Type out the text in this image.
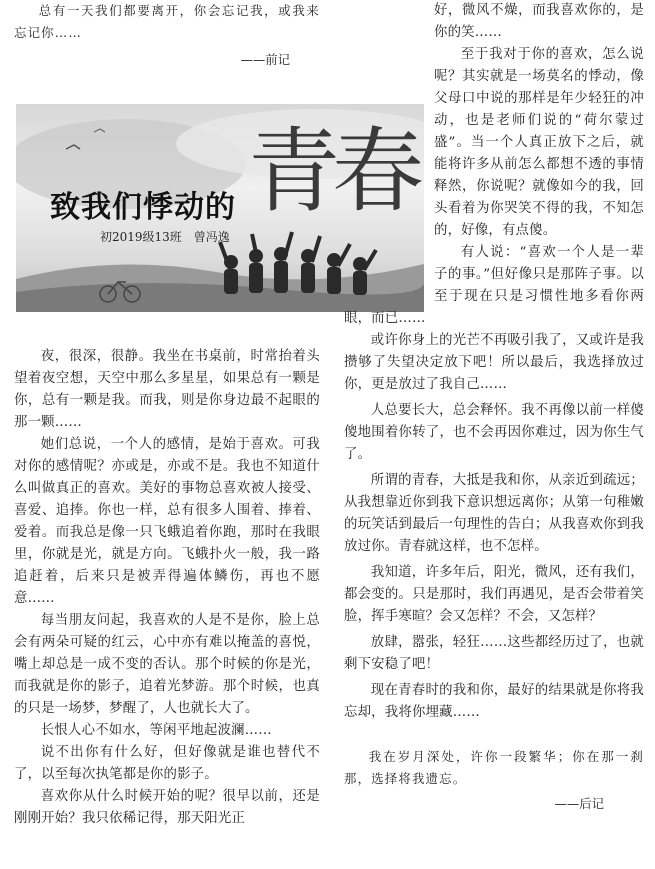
青春
致我们悸动的
初2019级13班　曾冯逸

总有一天我们都要离开，你会忘记我，或我来忘记你……

——前记

夜，很深，很静。我坐在书桌前，时常抬着头望着夜空想，天空中那么多星星，如果总有一颗是你，总有一颗是我。而我，则是你身边最不起眼的那一颗……

她们总说，一个人的感情，是始于喜欢。可我对你的感情呢？亦或是，亦或不是。我也不知道什么叫做真正的喜欢。美好的事物总喜欢被人接受、喜爱、追捧。你也一样，总有很多人围着、捧着、爱着。而我总是像一只飞蛾追着你跑，那时在我眼里，你就是光，就是方向。飞蛾扑火一般，我一路追赶着，后来只是被弄得遍体鳞伤，再也不愿意……

每当朋友问起，我喜欢的人是不是你，脸上总会有两朵可疑的红云，心中亦有难以掩盖的喜悦，嘴上却总是一成不变的否认。那个时候的你是光，而我就是你的影子，追着光梦游。那个时候，也真的只是一场梦，梦醒了，人也就长大了。

长恨人心不如水，等闲平地起波澜……

说不出你有什么好，但好像就是谁也替代不了，以至每次执笔都是你的影子。

喜欢你从什么时候开始的呢？很早以前，还是刚刚开始？我只依稀记得，那天阳光正

好，微风不燥，而我喜欢你的，是你的笑……

至于我对于你的喜欢，怎么说呢？其实就是一场莫名的悸动，像父母口中说的那样是年少轻狂的冲动，也是老师们说的“荷尔蒙过盛”。当一个人真正放下之后，就能将许多从前怎么都想不透的事情释然，你说呢？就像如今的我，回头看着为你哭笑不得的我，不知怎的，好像，有点傻。

有人说：“喜欢一个人是一辈子的事。”但好像只是那阵子事。以至于现在只是习惯性地多看你两眼，而已……

或许你身上的光芒不再吸引我了，又或许是我攒够了失望决定放下吧！所以最后，我选择放过你，更是放过了我自己……

人总要长大，总会释怀。我不再像以前一样傻傻地围着你转了，也不会再因你难过，因为你生气了。

所谓的青春，大抵是我和你，从亲近到疏远；从我想靠近你到我下意识想远离你；从第一句稚嫩的玩笑话到最后一句理性的告白；从我喜欢你到我放过你。青春就这样，也不怎样。

我知道，许多年后，阳光，微风，还有我们，都会变的。只是那时，我们再遇见，是否会带着笑脸，挥手寒暄？会又怎样？不会，又怎样？

放肆，嚣张，轻狂……这些都经历过了，也就剩下安稳了吧！

现在青春时的我和你，最好的结果就是你将我忘却，我将你埋藏……

我在岁月深处，许你一段繁华；你在那一刹那，选择将我遗忘。

——后记
